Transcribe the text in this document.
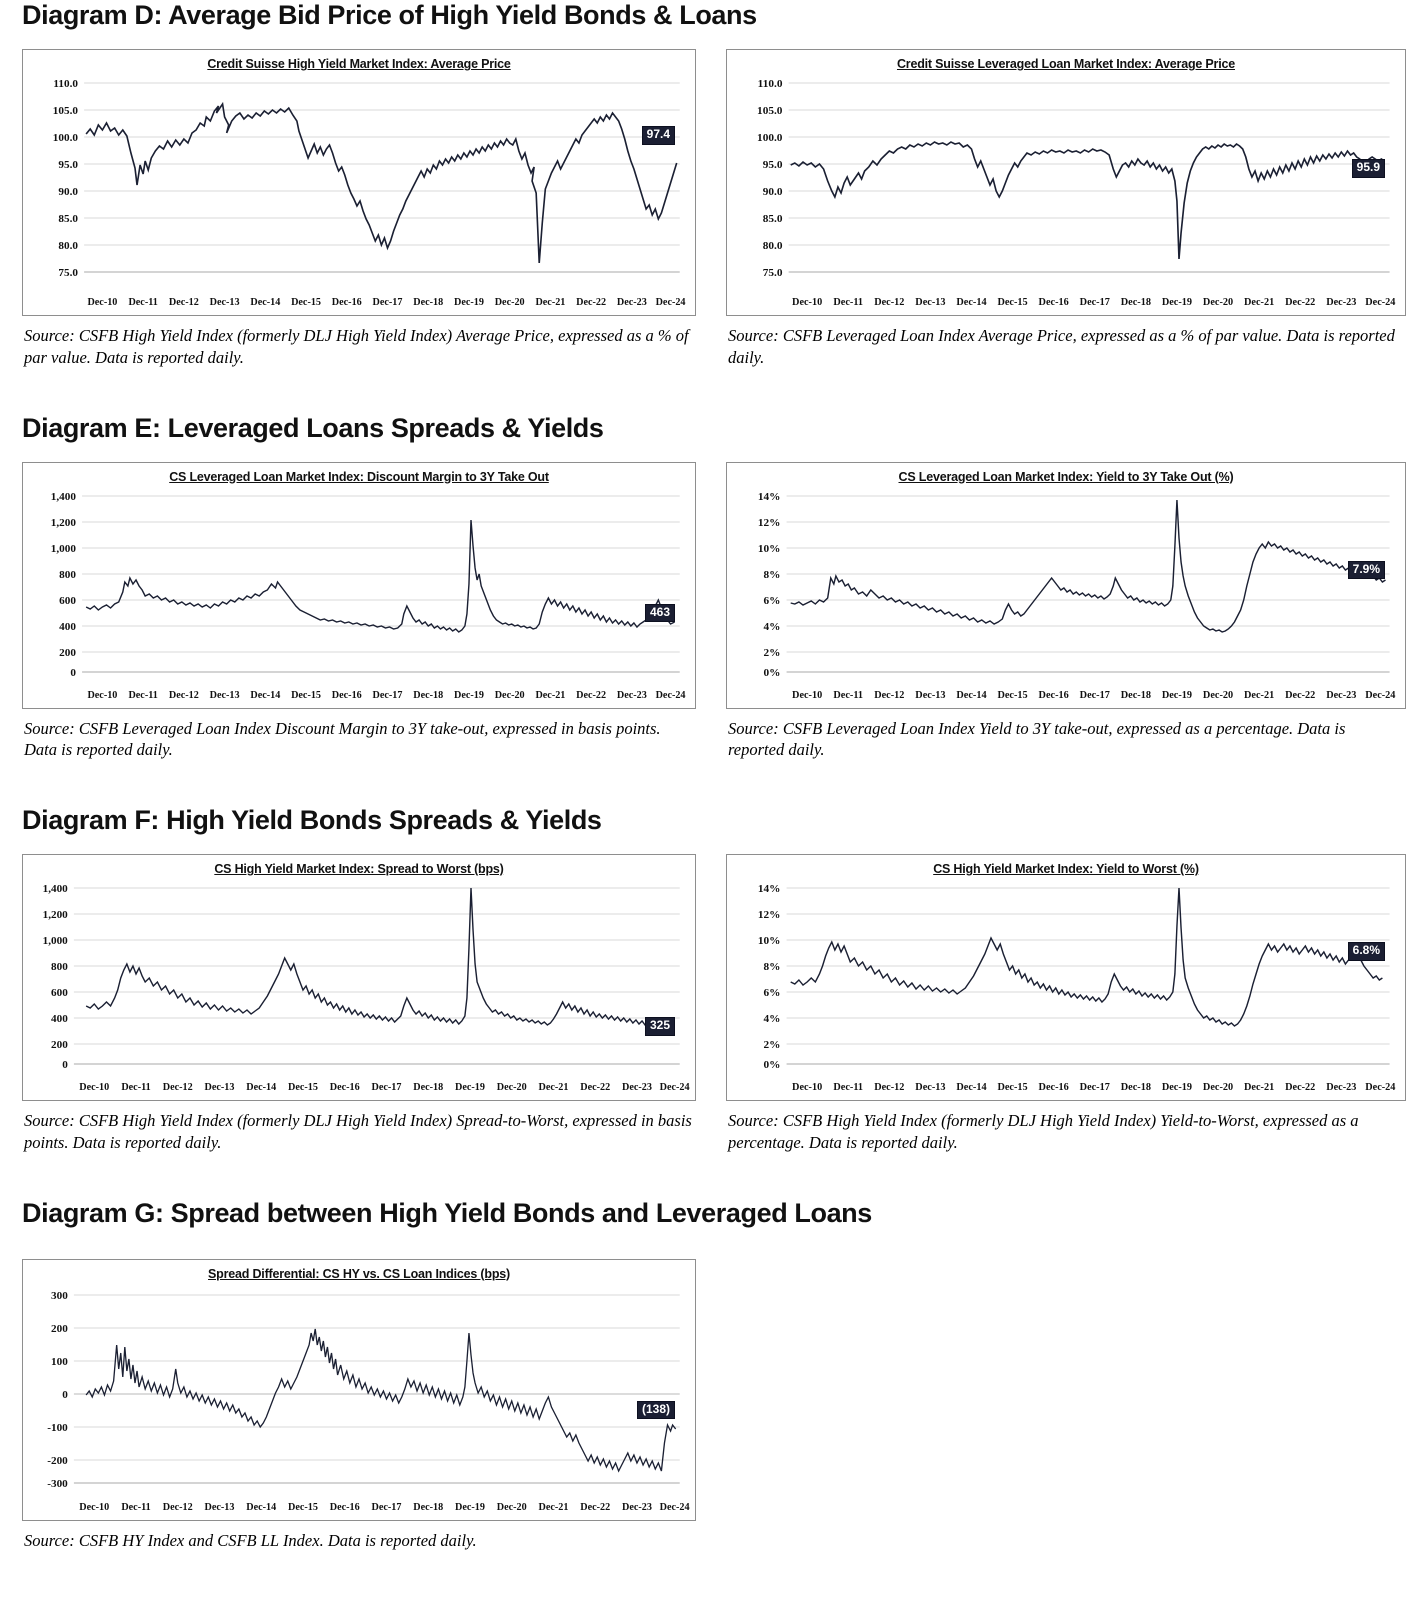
Diagram D: Average Bid Price of High Yield Bonds & Loans
Credit Suisse High Yield Market Index: Average Price
110.0
105.0
100.0
95.0
90.0
85.0
80.0
75.0
97.4
Dec-10 Dec-11 Dec-12 Dec-13 Dec-14 Dec-15 Dec-16 Dec-17 Dec-18 Dec-19 Dec-20 Dec-21 Dec-22 Dec-23 Dec-24
Source: CSFB High Yield Index (formerly DLJ High Yield Index) Average Price, expressed as a % of par value. Data is reported daily.
Credit Suisse Leveraged Loan Market Index: Average Price
110.0
105.0
100.0
95.0
90.0
85.0
80.0
75.0
95.9
Dec-10 Dec-11 Dec-12 Dec-13 Dec-14 Dec-15 Dec-16 Dec-17 Dec-18 Dec-19 Dec-20 Dec-21 Dec-22 Dec-23 Dec-24
Source: CSFB Leveraged Loan Index Average Price, expressed as a % of par value. Data is reported daily.
Diagram E: Leveraged Loans Spreads & Yields
CS Leveraged Loan Market Index: Discount Margin to 3Y Take Out
1,400
1,200
1,000
800
600
400
200
0
463
Dec-10 Dec-11 Dec-12 Dec-13 Dec-14 Dec-15 Dec-16 Dec-17 Dec-18 Dec-19 Dec-20 Dec-21 Dec-22 Dec-23 Dec-24
Source: CSFB Leveraged Loan Index Discount Margin to 3Y take-out, expressed in basis points. Data is reported daily.
CS Leveraged Loan Market Index: Yield to 3Y Take Out (%)
14%
12%
10%
8%
6%
4%
2%
0%
7.9%
Dec-10 Dec-11 Dec-12 Dec-13 Dec-14 Dec-15 Dec-16 Dec-17 Dec-18 Dec-19 Dec-20 Dec-21 Dec-22 Dec-23 Dec-24
Source: CSFB Leveraged Loan Index Yield to 3Y take-out, expressed as a percentage. Data is reported daily.
Diagram F: High Yield Bonds Spreads & Yields
CS High Yield Market Index: Spread to Worst (bps)
1,400
1,200
1,000
800
600
400
200
0
325
Dec-10 Dec-11 Dec-12 Dec-13 Dec-14 Dec-15 Dec-16 Dec-17 Dec-18 Dec-19 Dec-20 Dec-21 Dec-22 Dec-23 Dec-24
Source: CSFB High Yield Index (formerly DLJ High Yield Index) Spread-to-Worst, expressed in basis points. Data is reported daily.
CS High Yield Market Index: Yield to Worst (%)
14%
12%
10%
8%
6%
4%
2%
0%
6.8%
Dec-10 Dec-11 Dec-12 Dec-13 Dec-14 Dec-15 Dec-16 Dec-17 Dec-18 Dec-19 Dec-20 Dec-21 Dec-22 Dec-23 Dec-24
Source: CSFB High Yield Index (formerly DLJ High Yield Index) Yield-to-Worst, expressed as a percentage. Data is reported daily.
Diagram G: Spread between High Yield Bonds and Leveraged Loans
Spread Differential: CS HY vs. CS Loan Indices (bps)
300
200
100
0
-100
-200
-300
(138)
Dec-10 Dec-11 Dec-12 Dec-13 Dec-14 Dec-15 Dec-16 Dec-17 Dec-18 Dec-19 Dec-20 Dec-21 Dec-22 Dec-23 Dec-24
Source: CSFB HY Index and CSFB LL Index. Data is reported daily.
